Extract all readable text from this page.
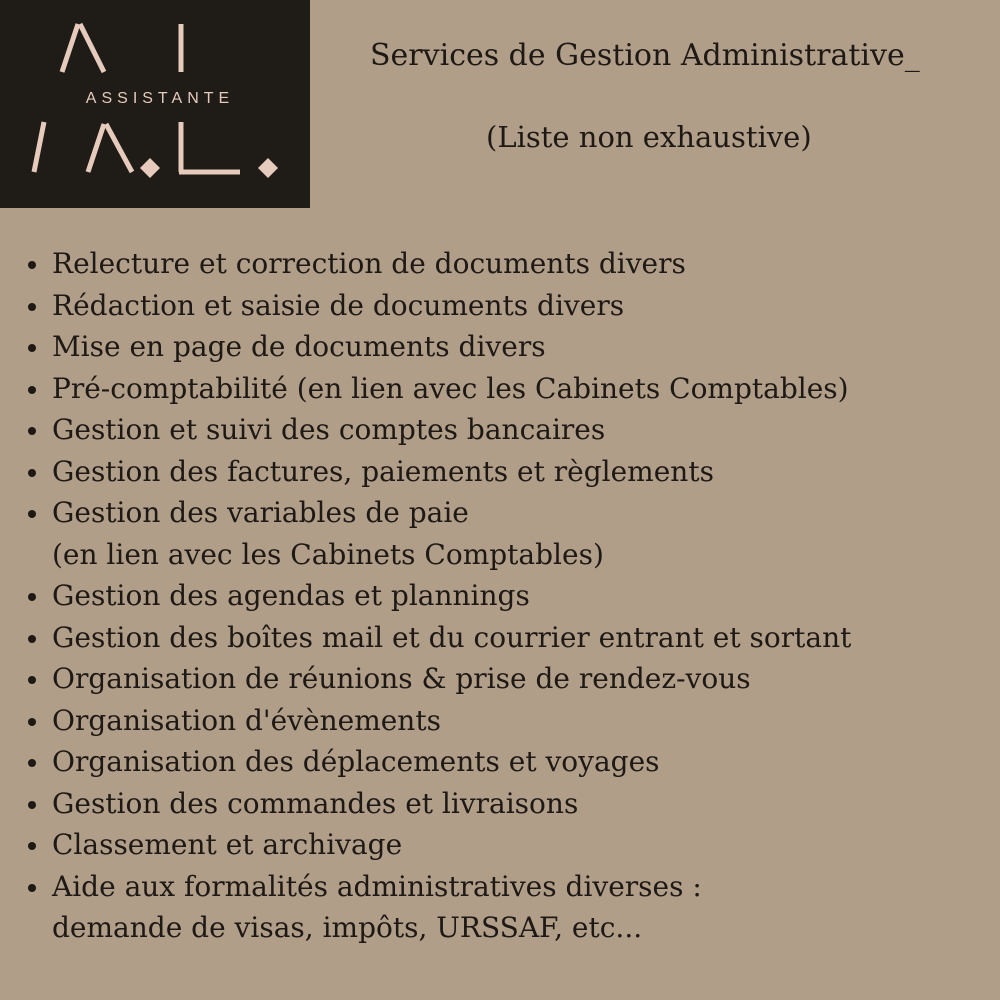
ASSISTANTE
Services de Gestion Administrative_

(Liste non exhaustive)

Relecture et correction de documents divers
Rédaction et saisie de documents divers
Mise en page de documents divers
Pré-comptabilité (en lien avec les Cabinets Comptables)
Gestion et suivi des comptes bancaires
Gestion des factures, paiements et règlements
Gestion des variables de paie
(en lien avec les Cabinets Comptables)
Gestion des agendas et plannings
Gestion des boîtes mail et du courrier entrant et sortant
Organisation de réunions & prise de rendez-vous
Organisation d'évènements
Organisation des déplacements et voyages
Gestion des commandes et livraisons
Classement et archivage
Aide aux formalités administratives diverses :
demande de visas, impôts, URSSAF, etc...
